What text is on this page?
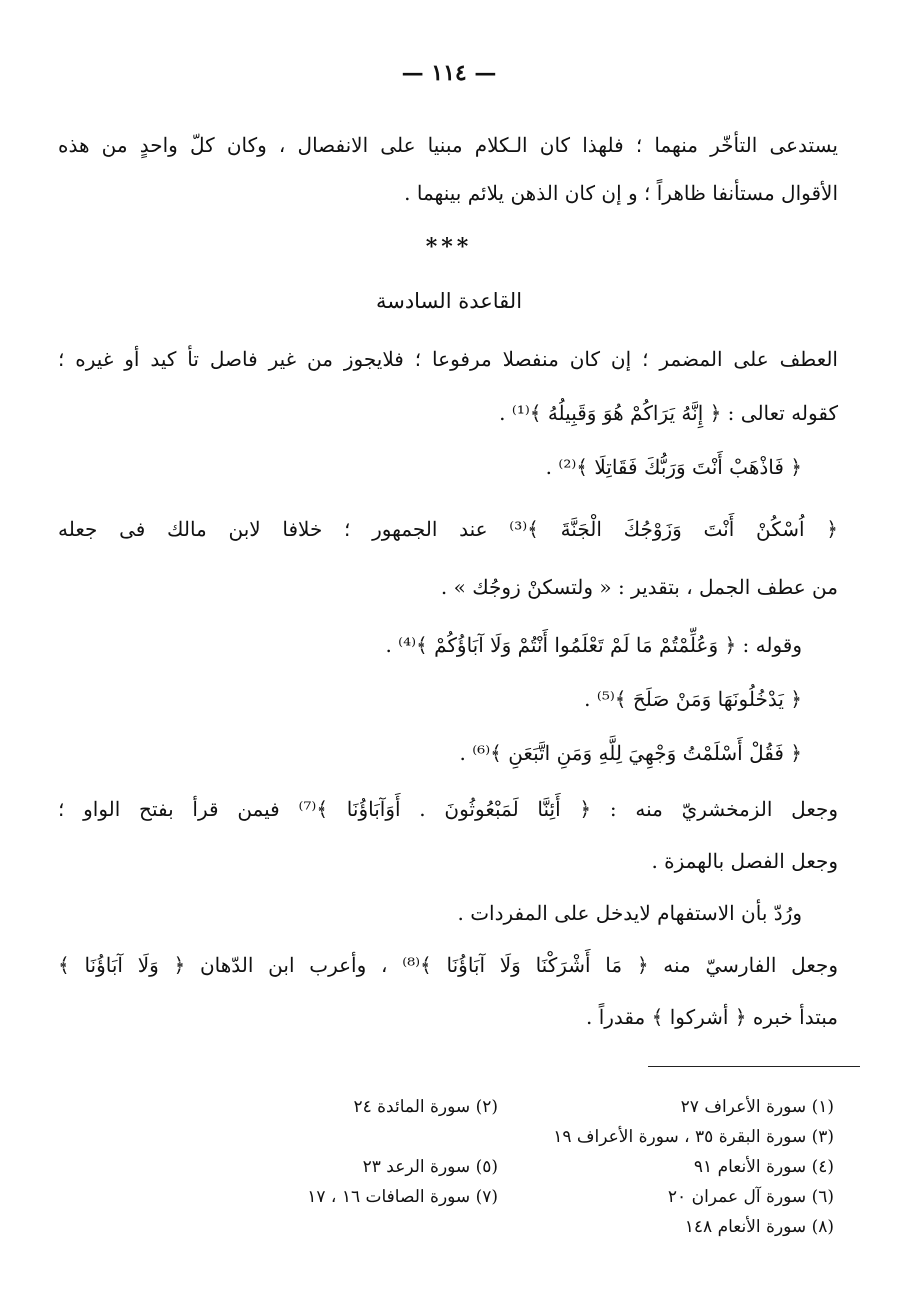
— ١١٤ —
يستدعى التأخّر منهما ؛ فلهذا كان الـكلام مبنيا على الانفصال ، وكان كلّ واحدٍ من هذه
الأقوال مستأنفا ظاهراً ؛ و إن كان الذهن يلائم بينهما .
***
القاعدة السادسة
العطف على المضمر ؛ إن كان منفصلا مرفوعا ؛ فلايجوز من غير فاصل تأ كيد أو غيره ؛
كقوله تعالى : ﴿ إِنَّهُ يَرَاكُمْ هُوَ وَقَبِيلُهُ ﴾⁽¹⁾ .
﴿ فَاذْهَبْ أَنْتَ وَرَبُّكَ فَقَاتِلَا ﴾⁽²⁾ .
﴿ اُسْكُنْ أَنْتَ وَزَوْجُكَ الْجَنَّةَ ﴾⁽³⁾ عند الجمهور ؛ خلافا لابن مالك فى جعله
من عطف الجمل ، بتقدير : « ولتسكنْ زوجُك » .
وقوله : ﴿ وَعُلِّمْتُمْ مَا لَمْ تَعْلَمُوا أَنْتُمْ وَلَا آبَاؤُكُمْ ﴾⁽⁴⁾ .
﴿ يَدْخُلُونَهَا وَمَنْ صَلَحَ ﴾⁽⁵⁾ .
﴿ فَقُلْ أَسْلَمْتُ وَجْهِيَ لِلَّهِ وَمَنِ اتَّبَعَنِ ﴾⁽⁶⁾ .
وجعل الزمخشريّ منه : ﴿ أَئِنَّا لَمَبْعُوثُونَ . أَوَآبَاؤُنَا ﴾⁽⁷⁾ فيمن قرأ بفتح الواو ؛
وجعل الفصل بالهمزة .
ورُدّ بأن الاستفهام لايدخل على المفردات .
وجعل الفارسيّ منه ﴿ مَا أَشْرَكْنَا وَلَا آبَاؤُنَا ﴾⁽⁸⁾ ، وأعرب ابن الدّهان ﴿ وَلَا آبَاؤُنَا ﴾
مبتدأ خبره ﴿ أشركوا ﴾ مقدراً .
(١) سورة الأعراف ٢٧
(٢) سورة المائدة ٢٤
(٣) سورة البقرة ٣٥ ، سورة الأعراف ١٩
(٤) سورة الأنعام ٩١
(٥) سورة الرعد ٢٣
(٦) سورة آل عمران ٢٠
(٧) سورة الصافات ١٦ ، ١٧
(٨) سورة الأنعام ١٤٨
